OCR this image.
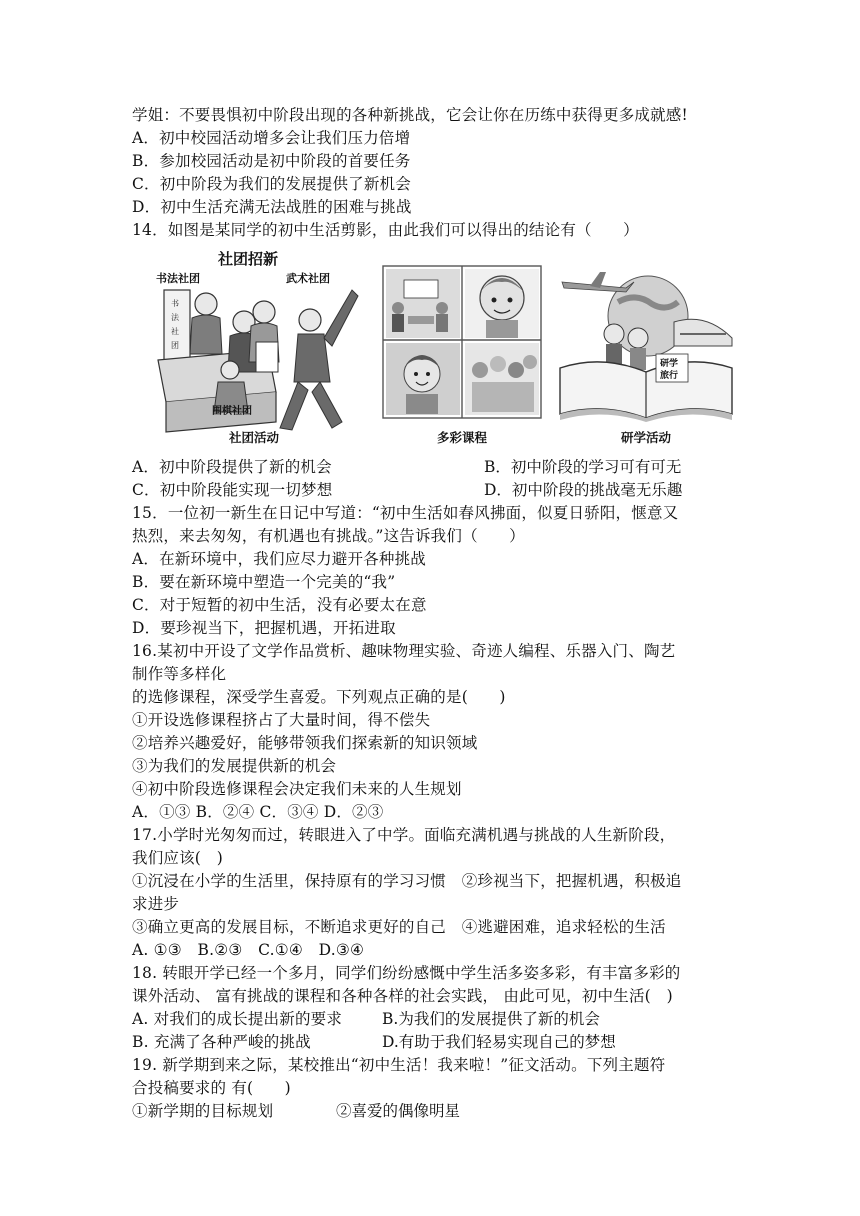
学姐：不要畏惧初中阶段出现的各种新挑战，它会让你在历练中获得更多成就感!
A．初中校园活动增多会让我们压力倍增
B．参加校园活动是初中阶段的首要任务
C．初中阶段为我们的发展提供了新机会
D．初中生活充满无法战胜的困难与挑战
14．如图是某同学的初中生活剪影，由此我们可以得出的结论有（　　）
社团招新
书法社团	武术社团
书
法
社
团
围棋社团
社团活动	多彩课程
研学
旅行
研学活动
A．初中阶段提供了新的机会	B．初中阶段的学习可有可无
C．初中阶段能实现一切梦想	D．初中阶段的挑战毫无乐趣
15．一位初一新生在日记中写道：“初中生活如春风拂面，似夏日骄阳，惬意又
热烈，来去匆匆，有机遇也有挑战。”这告诉我们（　　）
A．在新环境中，我们应尽力避开各种挑战
B．要在新环境中塑造一个完美的“我”
C．对于短暂的初中生活，没有必要太在意
D．要珍视当下，把握机遇，开拓进取
16.某初中开设了文学作品赏析、趣味物理实验、奇迹人编程、乐器入门、陶艺
制作等多样化
的选修课程，深受学生喜爱。下列观点正确的是(　　)
①开设选修课程挤占了大量时间，得不偿失
②培养兴趣爱好，能够带领我们探索新的知识领域
③为我们的发展提供新的机会
④初中阶段选修课程会决定我们未来的人生规划
A．①③ B．②④ C．③④ D．②③
17.小学时光匆匆而过，转眼进入了中学。面临充满机遇与挑战的人生新阶段，
我们应该(　)
①沉浸在小学的生活里，保持原有的学习习惯　②珍视当下，把握机遇，积极追
求进步
③确立更高的发展目标，不断追求更好的自己　④逃避困难，追求轻松的生活
A. ①③　B.②③　C.①④　D.③④
18. 转眼开学已经一个多月，同学们纷纷感慨中学生活多姿多彩，有丰富多彩的
课外活动、 富有挑战的课程和各种各样的社会实践， 由此可见，初中生活(　)
A. 对我们的成长提出新的要求	B.为我们的发展提供了新的机会
B. 充满了各种严峻的挑战	D.有助于我们轻易实现自己的梦想
19. 新学期到来之际，某校推出“初中生活！我来啦！”征文活动。下列主题符
合投稿要求的 有(　　)
①新学期的目标规划	②喜爱的偶像明星
